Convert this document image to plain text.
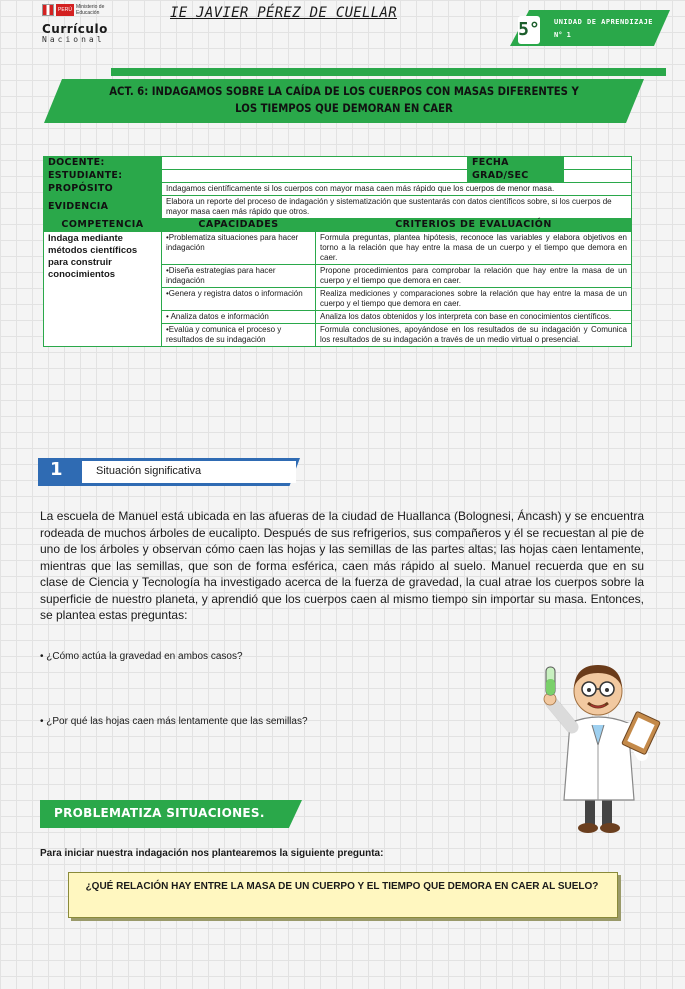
PERÚ Ministerio de Educación
Currículo
Nacional
IE JAVIER PÉREZ DE CUELLAR
5° UNIDAD DE APRENDIZAJE
N° 1
ACT. 6: INDAGAMOS SOBRE LA CAÍDA DE LOS CUERPOS CON MASAS DIFERENTES Y LOS TIEMPOS QUE DEMORAN EN CAER
DOCENTE:			FECHA	
ESTUDIANTE:			GRAD/SEC	
PROPÓSITO	Indagamos científicamente si los cuerpos con mayor masa caen más rápido que los cuerpos de menor masa.			
EVIDENCIA	Elabora un reporte del proceso de indagación y sistematización que sustentarás con datos científicos sobre, si los cuerpos de mayor masa caen más rápido que otros.			
COMPETENCIA	CAPACIDADES	CRITERIOS DE EVALUACIÓN		
Indaga mediante métodos científicos para construir conocimientos	•Problematiza situaciones para hacer indagación	Formula preguntas, plantea hipótesis, reconoce las variables y elabora objetivos en torno a la relación que hay entre la masa de un cuerpo y el tiempo que demora en caer.		
	•Diseña estrategias para hacer indagación	Propone procedimientos para comprobar la relación que hay entre la masa de un cuerpo y el tiempo que demora en caer.		
	•Genera y registra datos o información	Realiza mediciones y comparaciones sobre la relación que hay entre la masa de un cuerpo y el tiempo que demora en caer.		
	• Analiza datos e información	Analiza los datos obtenidos y los interpreta con base en conocimientos científicos.		
	•Evalúa y comunica el proceso y resultados de su indagación	Formula conclusiones, apoyándose en los resultados de su indagación y Comunica los resultados de su indagación a través de un medio virtual o presencial.		
1	Situación significativa
La escuela de Manuel está ubicada en las afueras de la ciudad de Huallanca (Bolognesi, Áncash) y se encuentra rodeada de muchos árboles de eucalipto. Después de sus refrigerios, sus compañeros y él se recuestan al pie de uno de los árboles y observan cómo caen las hojas y las semillas de las partes altas; las hojas caen lentamente, mientras que las semillas, que son de forma esférica, caen más rápido al suelo. Manuel recuerda que en su clase de Ciencia y Tecnología ha investigado acerca de la fuerza de gravedad, la cual atrae los cuerpos sobre la superficie de nuestro planeta, y aprendió que los cuerpos caen al mismo tiempo sin importar su masa. Entonces, se plantea estas preguntas:
• ¿Cómo actúa la gravedad en ambos casos?
• ¿Por qué las hojas caen más lentamente que las semillas?
PROBLEMATIZA SITUACIONES.
Para iniciar nuestra indagación nos plantearemos la siguiente pregunta:
¿QUÉ RELACIÓN HAY ENTRE LA MASA DE UN CUERPO Y EL TIEMPO QUE DEMORA EN CAER AL SUELO?
